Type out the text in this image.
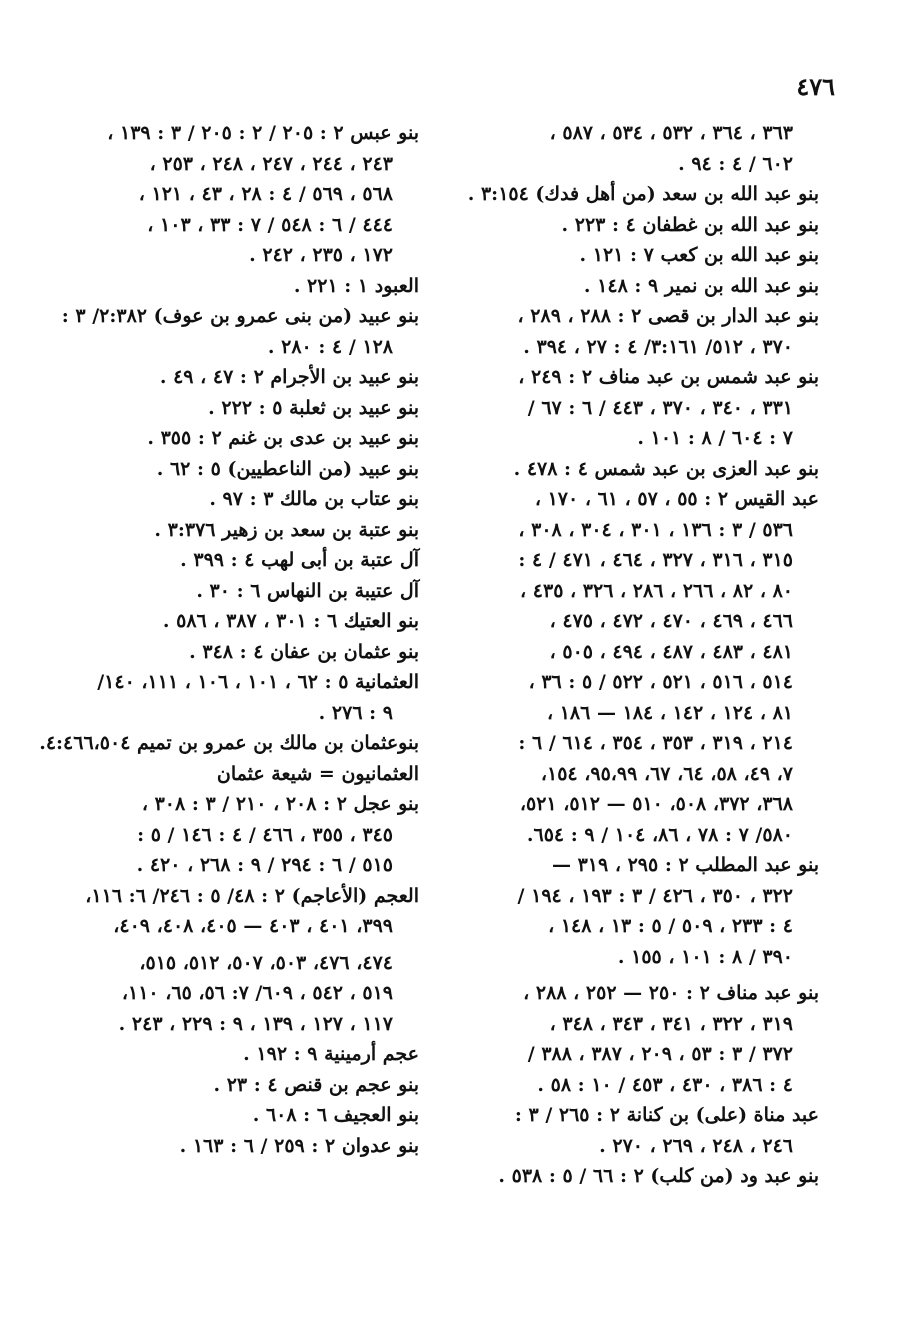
٤٧٦
٣٦٣ ، ٣٦٤ ، ٥٣٢ ، ٥٣٤ ، ٥٨٧ ،
٦٠٢ / ٤ : ٩٤ .
بنو عبد الله بن سعد (من أهل فدك) ٣:١٥٤ .
بنو عبد الله بن غطفان ٤ : ٢٢٣ .
بنو عبد الله بن كعب ٧ : ١٢١ .
بنو عبد الله بن نمير ٩ : ١٤٨ .
بنو عبد الدار بن قصى ٢ : ٢٨٨ ، ٢٨٩ ،
٣٧٠ ، ٥١٢/ ٣:١٦١/ ٤ : ٢٧ ، ٣٩٤ .
بنو عبد شمس بن عبد مناف ٢ : ٢٤٩ ،
٣٣١ ، ٣٤٠ ، ٣٧٠ ، ٤٤٣ / ٦ : ٦٧ /
٧ : ٦٠٤ / ٨ : ١٠١ .
بنو عبد العزى بن عبد شمس ٤ : ٤٧٨ .
عبد القيس ٢ : ٥٥ ، ٥٧ ، ٦١ ، ١٧٠ ،
٥٣٦ / ٣ : ١٣٦ ، ٣٠١ ، ٣٠٤ ، ٣٠٨ ،
٣١٥ ، ٣١٦ ، ٣٢٧ ، ٤٦٤ ، ٤٧١ / ٤ :
٨٠ ، ٨٢ ، ٢٦٦ ، ٢٨٦ ، ٣٢٦ ، ٤٣٥ ،
٤٦٦ ، ٤٦٩ ، ٤٧٠ ، ٤٧٢ ، ٤٧٥ ،
٤٨١ ، ٤٨٣ ، ٤٨٧ ، ٤٩٤ ، ٥٠٥ ،
٥١٤ ، ٥١٦ ، ٥٢١ ، ٥٢٢ / ٥ : ٣٦ ،
٨١ ، ١٢٤ ، ١٤٢ ، ١٨٤ — ١٨٦ ،
٢١٤ ، ٣١٩ ، ٣٥٣ ، ٣٥٤ ، ٦١٤ / ٦ :
٧، ٤٩، ٥٨، ٦٤، ٦٧، ٩٥،٩٩، ١٥٤،
٣٦٨، ٣٧٢، ٥٠٨، ٥١٠ — ٥١٢، ٥٢١،
٥٨٠/ ٧ : ٧٨ ، ٨٦، ١٠٤ / ٩ : ٦٥٤.
بنو عبد المطلب ٢ : ٢٩٥ ، ٣١٩ —
٣٢٢ ، ٣٥٠ ، ٤٢٦ / ٣ : ١٩٣ ، ١٩٤ /
٤ : ٢٣٣ ، ٥٠٩ / ٥ : ١٣ ، ١٤٨ ،
٣٩٠ / ٨ : ١٠١ ، ١٥٥ .
بنو عبد مناف ٢ : ٢٥٠ — ٢٥٢ ، ٢٨٨ ،
٣١٩ ، ٣٢٢ ، ٣٤١ ، ٣٤٣ ، ٣٤٨ ،
٣٧٢ / ٣ : ٥٣ ، ٢٠٩ ، ٣٨٧ ، ٣٨٨ /
٤ : ٣٨٦ ، ٤٣٠ ، ٤٥٣ / ١٠ : ٥٨ .
عبد مناة (على) بن كنانة ٢ : ٢٦٥ / ٣ :
٢٤٦ ، ٢٤٨ ، ٢٦٩ ، ٢٧٠ .
بنو عبد ود (من كلب) ٢ : ٦٦ / ٥ : ٥٣٨ .
بنو عبس ٢ : ٢٠٥ / ٢ : ٢٠٥ / ٣ : ١٣٩ ،
٢٤٣ ، ٢٤٤ ، ٢٤٧ ، ٢٤٨ ، ٢٥٣ ،
٥٦٨ ، ٥٦٩ / ٤ : ٢٨ ، ٤٣ ، ١٢١ ،
٤٤٤ / ٦ : ٥٤٨ / ٧ : ٣٣ ، ١٠٣ ،
١٧٢ ، ٢٣٥ ، ٢٤٢ .
العبود ١ : ٢٢١ .
بنو عبيد (من بنى عمرو بن عوف) ٢:٣٨٢/ ٣ :
١٢٨ / ٤ : ٢٨٠ .
بنو عبيد بن الأجرام ٢ : ٤٧ ، ٤٩ .
بنو عبيد بن ثعلبة ٥ : ٢٢٢ .
بنو عبيد بن عدى بن غنم ٢ : ٣٥٥ .
بنو عبيد (من الناعطيين) ٥ : ٦٢ .
بنو عتاب بن مالك ٣ : ٩٧ .
بنو عتبة بن سعد بن زهير ٣:٣٧٦ .
آل عتبة بن أبى لهب ٤ : ٣٩٩ .
آل عتيبة بن النهاس ٦ : ٣٠ .
بنو العتيك ٦ : ٣٠١ ، ٣٨٧ ، ٥٨٦ .
بنو عثمان بن عفان ٤ : ٣٤٨ .
العثمانية ٥ : ٦٢ ، ١٠١ ، ١٠٦ ، ١١١، ١٤٠/
٩ : ٢٧٦ .
بنوعثمان بن مالك بن عمرو بن تميم ٤:٤٦٦،٥٠٤.
العثمانيون = شيعة عثمان
بنو عجل ٢ : ٢٠٨ ، ٢١٠ / ٣ : ٣٠٨ ،
٣٤٥ ، ٣٥٥ ، ٤٦٦ / ٤ : ١٤٦ / ٥ :
٥١٥ / ٦ : ٢٩٤ / ٩ : ٢٦٨ ، ٤٢٠ .
العجم (الأعاجم) ٢ : ٤٨/ ٥ : ٢٤٦/ ٦: ١١٦،
٣٩٩، ٤٠١ ، ٤٠٣ — ٤٠٥، ٤٠٨، ٤٠٩،
٤٧٤، ٤٧٦، ٥٠٣، ٥٠٧، ٥١٢، ٥١٥،
٥١٩ ، ٥٤٢ ، ٦٠٩/ ٧: ٥٦، ٦٥، ١١٠،
١١٧ ، ١٢٧ ، ١٣٩ ، ٩ : ٢٢٩ ، ٢٤٣ .
عجم أرمينية ٩ : ١٩٢ .
بنو عجم بن قنص ٤ : ٢٣ .
بنو العجيف ٦ : ٦٠٨ .
بنو عدوان ٢ : ٢٥٩ / ٦ : ١٦٣ .
